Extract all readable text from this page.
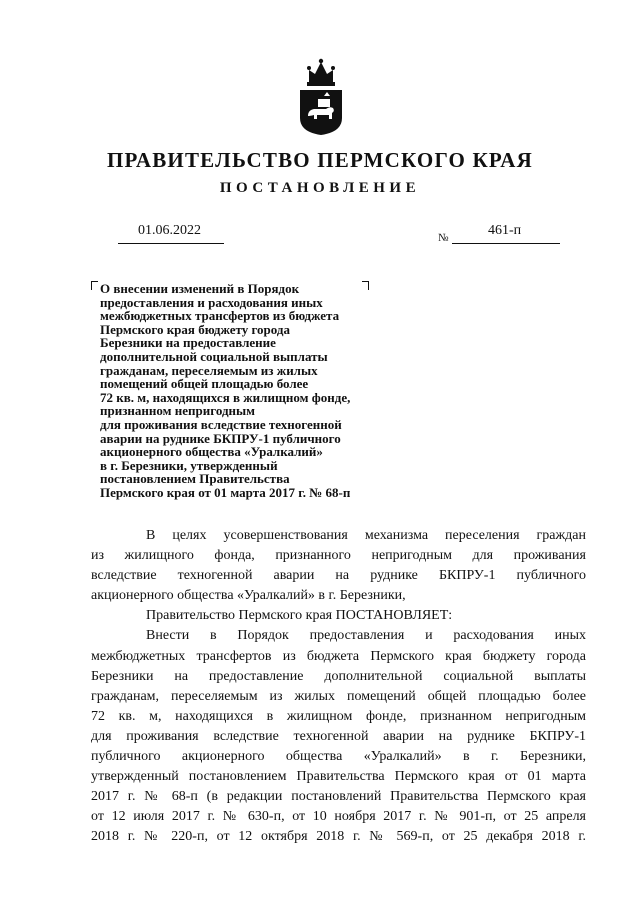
ПРАВИТЕЛЬСТВО ПЕРМСКОГО КРАЯ
ПОСТАНОВЛЕНИЕ
01.06.2022	№	461-п
О внесении изменений в Порядок
предоставления и расходования иных
межбюджетных трансфертов из бюджета
Пермского края бюджету города
Березники на предоставление
дополнительной социальной выплаты
гражданам, переселяемым из жилых
помещений общей площадью более
72 кв. м, находящихся в жилищном фонде,
признанном непригодным
для проживания вследствие техногенной
аварии на руднике БКПРУ-1 публичного
акционерного общества «Уралкалий»
в г. Березники, утвержденный
постановлением Правительства
Пермского края от 01 марта 2017 г. № 68-п
В целях усовершенствования механизма переселения граждан
из жилищного фонда, признанного непригодным для проживания
вследствие техногенной аварии на руднике БКПРУ-1 публичного
акционерного общества «Уралкалий» в г. Березники,
Правительство Пермского края ПОСТАНОВЛЯЕТ:
Внести в Порядок предоставления и расходования иных
межбюджетных трансфертов из бюджета Пермского края бюджету города
Березники на предоставление дополнительной социальной выплаты
гражданам, переселяемым из жилых помещений общей площадью более
72 кв. м, находящихся в жилищном фонде, признанном непригодным
для проживания вследствие техногенной аварии на руднике БКПРУ-1
публичного акционерного общества «Уралкалий» в г. Березники,
утвержденный постановлением Правительства Пермского края от 01 марта
2017 г. № 68-п (в редакции постановлений Правительства Пермского края
от 12 июля 2017 г. № 630-п, от 10 ноября 2017 г. № 901-п, от 25 апреля
2018 г. № 220-п, от 12 октября 2018 г. № 569-п, от 25 декабря 2018 г.
